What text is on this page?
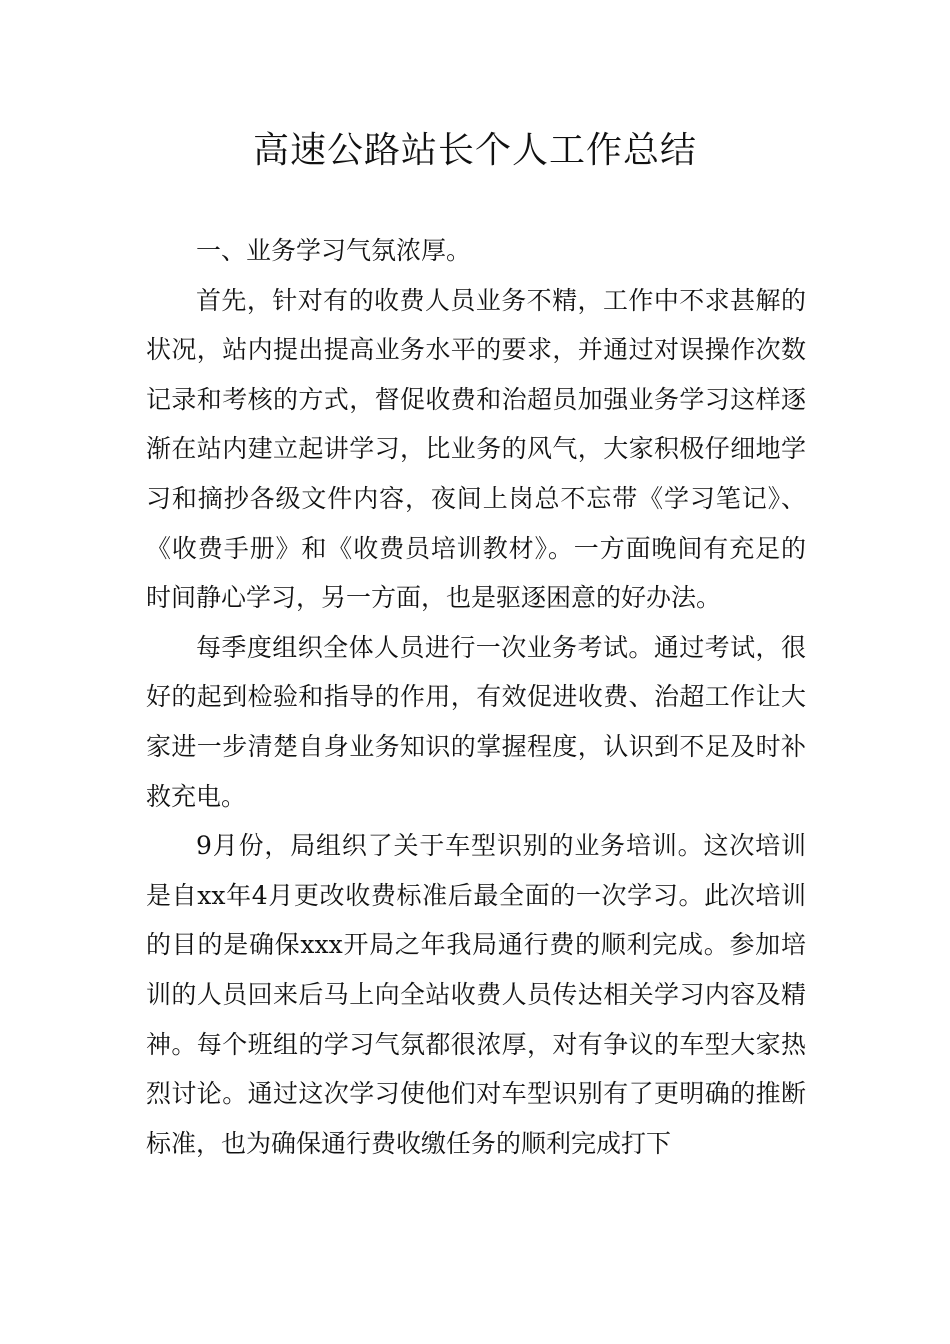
高速公路站长个人工作总结

一、业务学习气氛浓厚。

首先，针对有的收费人员业务不精，工作中不求甚解的状况，站内提出提高业务水平的要求，并通过对误操作次数记录和考核的方式，督促收费和治超员加强业务学习这样逐渐在站内建立起讲学习，比业务的风气，大家积极仔细地学习和摘抄各级文件内容，夜间上岗总不忘带《学习笔记》、《收费手册》和《收费员培训教材》。一方面晚间有充足的时间静心学习，另一方面，也是驱逐困意的好办法。

每季度组织全体人员进行一次业务考试。通过考试，很好的起到检验和指导的作用，有效促进收费、治超工作让大家进一步清楚自身业务知识的掌握程度，认识到不足及时补救充电。

9月份，局组织了关于车型识别的业务培训。这次培训是自xx年4月更改收费标准后最全面的一次学习。此次培训的目的是确保xxx开局之年我局通行费的顺利完成。参加培训的人员回来后马上向全站收费人员传达相关学习内容及精神。每个班组的学习气氛都很浓厚，对有争议的车型大家热烈讨论。通过这次学习使他们对车型识别有了更明确的推断标准，也为确保通行费收缴任务的顺利完成打下
